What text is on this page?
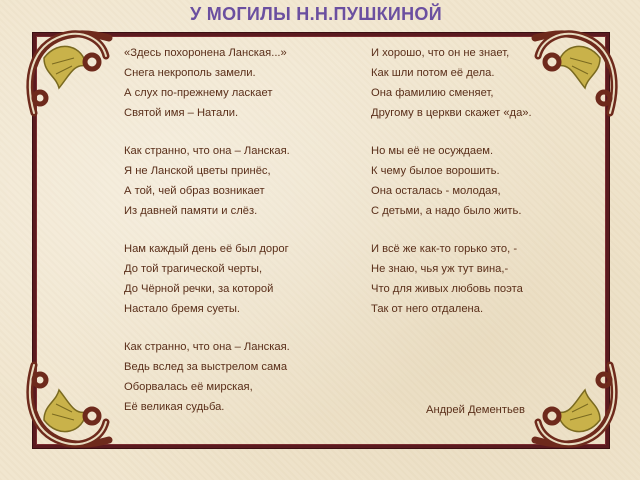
У МОГИЛЫ Н.Н.ПУШКИНОЙ
«Здесь похоронена Ланская...»
Снега некрополь замели.
А слух по-прежнему ласкает
Святой имя – Натали.
Как странно, что она – Ланская.
Я не Ланской цветы принёс,
А той, чей образ возникает
Из давней памяти и слёз.
Нам каждый день её был дорог
До той трагической черты,
До Чёрной речки, за которой
Настало бремя суеты.
Как странно, что она – Ланская.
Ведь вслед за выстрелом сама
Оборвалась её мирская,
Её великая судьба.
И хорошо, что он не знает,
Как шли потом её дела.
Она фамилию сменяет,
Другому в церкви скажет «да».
Но мы её не осуждаем.
К чему былое ворошить.
Она осталась - молодая,
С детьми, а надо было жить.
И всё же как-то горько это, -
Не знаю, чья уж тут вина,-
Что для живых любовь поэта
Так от него отдалена.
Андрей Дементьев
